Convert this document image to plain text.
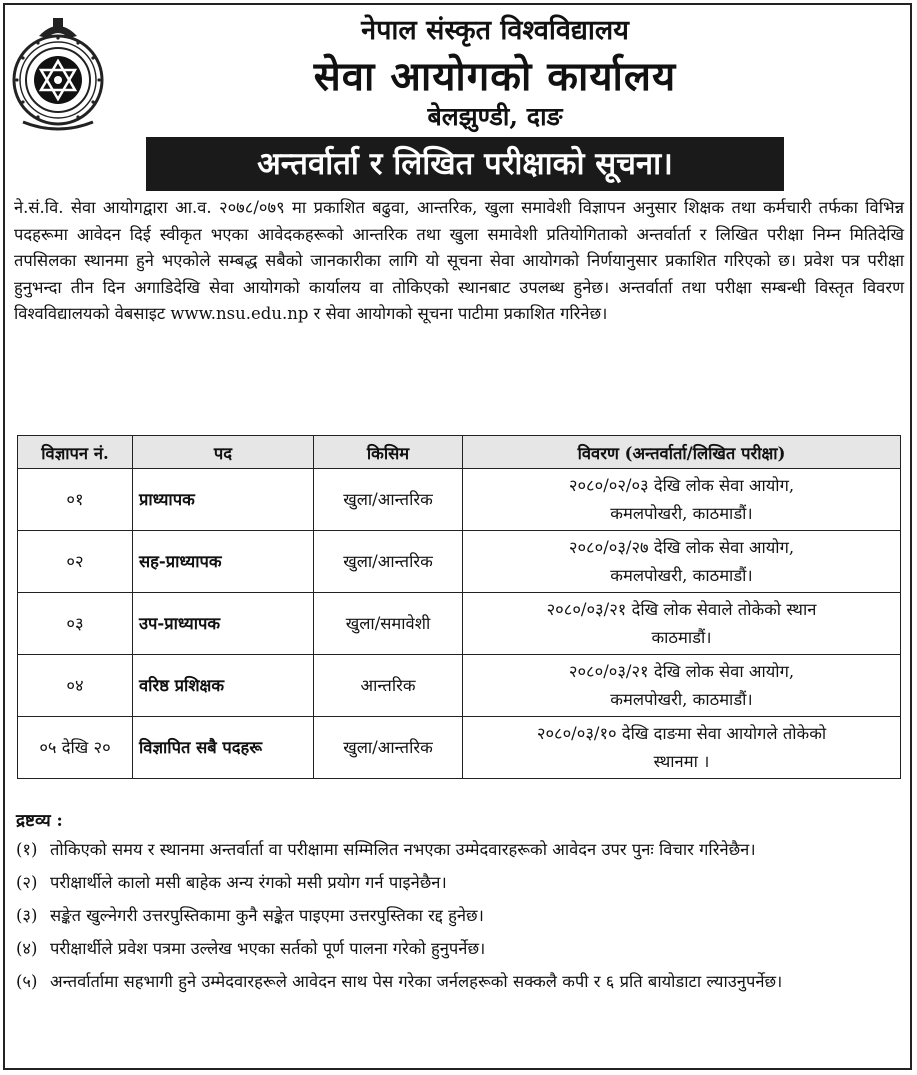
नेपाल संस्कृत विश्वविद्यालय
सेवा आयोगको कार्यालय
बेलझुण्डी, दाङ
अन्तर्वार्ता र लिखित परीक्षाको सूचना।
ने.सं.वि. सेवा आयोगद्वारा आ.व. २०७८/०७९ मा प्रकाशित बढुवा, आन्तरिक, खुला समावेशी विज्ञापन अनुसार शिक्षक तथा कर्मचारी तर्फका विभिन्न पदहरूमा आवेदन दिई स्वीकृत भएका आवेदकहरूको आन्तरिक तथा खुला समावेशी प्रतियोगिताको अन्तर्वार्ता र लिखित परीक्षा निम्न मितिदेखि तपसिलका स्थानमा हुने भएकोले सम्बद्ध सबैको जानकारीका लागि यो सूचना सेवा आयोगको निर्णयानुसार प्रकाशित गरिएको छ। प्रवेश पत्र परीक्षा हुनुभन्दा तीन दिन अगाडिदेखि सेवा आयोगको कार्यालय वा तोकिएको स्थानबाट उपलब्ध हुनेछ। अन्तर्वार्ता तथा परीक्षा सम्बन्धी विस्तृत विवरण विश्वविद्यालयको वेबसाइट www.nsu.edu.np र सेवा आयोगको सूचना पाटीमा प्रकाशित गरिनेछ।
विज्ञापन नं.	पद	किसिम	विवरण (अन्तर्वार्ता/लिखित परीक्षा)
०१	प्राध्यापक	खुला/आन्तरिक	२०८०/०२/०३ देखि लोक सेवा आयोग,
कमलपोखरी, काठमाडौं।
०२	सह-प्राध्यापक	खुला/आन्तरिक	२०८०/०३/२७ देखि लोक सेवा आयोग,
कमलपोखरी, काठमाडौं।
०३	उप-प्राध्यापक	खुला/समावेशी	२०८०/०३/२१ देखि लोक सेवाले तोकेको स्थान
काठमाडौं।
०४	वरिष्ठ प्रशिक्षक	आन्तरिक	२०८०/०३/२१ देखि लोक सेवा आयोग,
कमलपोखरी, काठमाडौं।
०५ देखि २०	विज्ञापित सबै पदहरू	खुला/आन्तरिक	२०८०/०३/१० देखि दाङमा सेवा आयोगले तोकेको
स्थानमा ।
द्रष्टव्य :
(१) तोकिएको समय र स्थानमा अन्तर्वार्ता वा परीक्षामा सम्मिलित नभएका उम्मेदवारहरूको आवेदन उपर पुनः विचार गरिनेछैन।
(२) परीक्षार्थीले कालो मसी बाहेक अन्य रंगको मसी प्रयोग गर्न पाइनेछैन।
(३) सङ्केत खुल्नेगरी उत्तरपुस्तिकामा कुनै सङ्केत पाइएमा उत्तरपुस्तिका रद्द हुनेछ।
(४) परीक्षार्थीले प्रवेश पत्रमा उल्लेख भएका सर्तको पूर्ण पालना गरेको हुनुपर्नेछ।
(५) अन्तर्वार्तामा सहभागी हुने उम्मेदवारहरूले आवेदन साथ पेस गरेका जर्नलहरूको सक्कलै कपी र ६ प्रति बायोडाटा ल्याउनुपर्नेछ।
